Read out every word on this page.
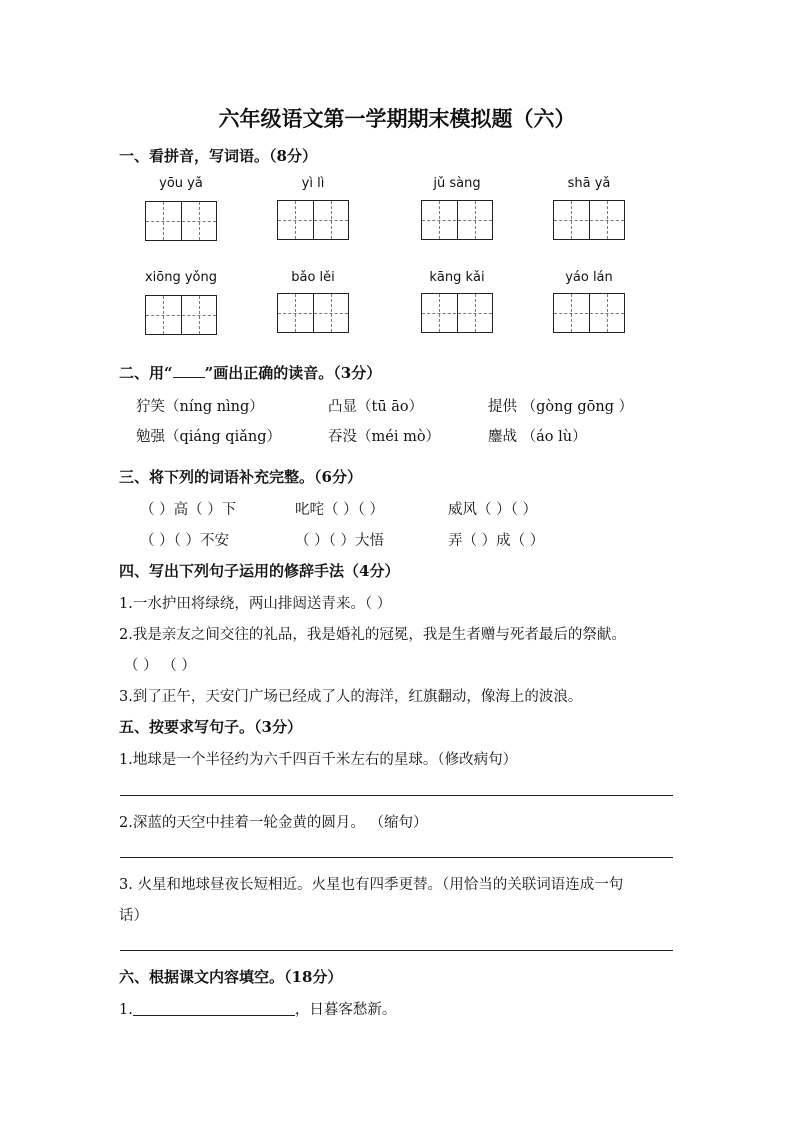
六年级语文第一学期期末模拟题（六）
一、看拼音，写词语。（8分）
yōu yǎ	yì lì	jǔ sàng	shā yǎ
xiōng yǒng	bǎo lěi	kāng kǎi	yáo lán
二、用“ ”画出正确的读音。（3分）
狞笑（níng nìng）	凸显（tū āo）	提供 （gòng gōng ）
勉强（qiáng qiǎng）	吞没（méi mò）	鏖战 （áo lù）
三、将下列的词语补充完整。（6分）
（ ）高（ ）下	叱咤（ ）（ ）	威风（ ）（ ）
（ ）（ ）不安	（ ）（ ）大悟	弄（ ）成（ ）
四、写出下列句子运用的修辞手法（4分）
1.一水护田将绿绕，两山排闼送青来。（ ）
2.我是亲友之间交往的礼品，我是婚礼的冠冕，我是生者赠与死者最后的祭献。
（ ） （ ）
3.到了正午，天安门广场已经成了人的海洋，红旗翻动，像海上的波浪。
五、按要求写句子。（3分）
1.地球是一个半径约为六千四百千米左右的星球。（修改病句）
2.深蓝的天空中挂着一轮金黄的圆月。 （缩句）
3. 火星和地球昼夜长短相近。火星也有四季更替。（用恰当的关联词语连成一句
话）
六、根据课文内容填空。（18分）
1.	，日暮客愁新。
